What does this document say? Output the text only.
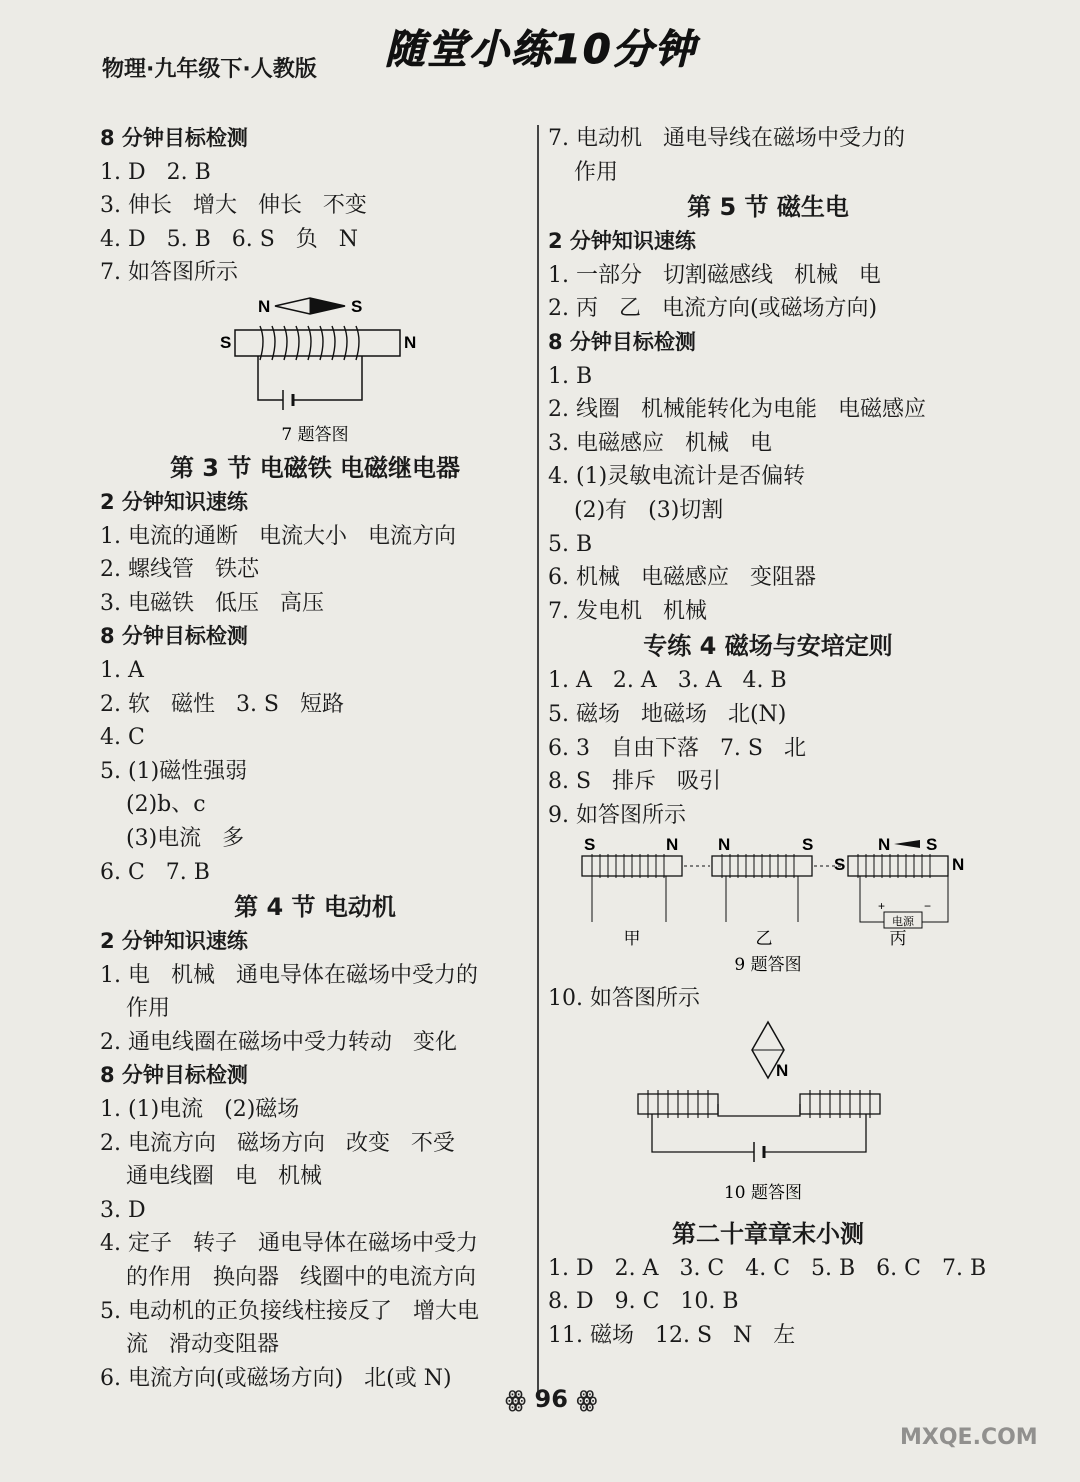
随堂小练10分钟
物理·九年级下·人教版
8 分钟目标检测
1. D   2. B
3. 伸长   增大   伸长   不变
4. D   5. B   6. S   负   N
7. 如答图所示
N	S
S	N
7 题答图
第 3 节 电磁铁 电磁继电器
2 分钟知识速练
1. 电流的通断   电流大小   电流方向
2. 螺线管   铁芯
3. 电磁铁   低压   高压
8 分钟目标检测
1. A
2. 软   磁性   3. S   短路
4. C
5. (1)磁性强弱
(2)b、c
(3)电流   多
6. C   7. B
第 4 节 电动机
2 分钟知识速练
1. 电   机械   通电导体在磁场中受力的
作用
2. 通电线圈在磁场中受力转动   变化
8 分钟目标检测
1. (1)电流   (2)磁场
2. 电流方向   磁场方向   改变   不受
通电线圈   电   机械
3. D
4. 定子   转子   通电导体在磁场中受力
的作用   换向器   线圈中的电流方向
5. 电动机的正负接线柱接反了   增大电
流   滑动变阻器
6. 电流方向(或磁场方向)   北(或 N)
7. 电动机   通电导线在磁场中受力的
作用
第 5 节 磁生电
2 分钟知识速练
1. 一部分   切割磁感线   机械   电
2. 丙   乙   电流方向(或磁场方向)
8 分钟目标检测
1. B
2. 线圈   机械能转化为电能   电磁感应
3. 电磁感应   机械   电
4. (1)灵敏电流计是否偏转
(2)有   (3)切割
5. B
6. 机械   电磁感应   变阻器
7. 发电机   机械
专练 4 磁场与安培定则
1. A   2. A   3. A   4. B
5. 磁场   地磁场   北(N)
6. 3   自由下落   7. S   北
8. S   排斥   吸引
9. 如答图所示
S	N
甲
N	S
乙
S
N S
N
电源
+	−
丙
9 题答图
10. 如答图所示
N
10 题答图
第二十章章末小测
1. D   2. A   3. C   4. C   5. B   6. C   7. B
8. D   9. C   10. B
11. 磁场   12. S   N   左
ꙮ 96 ꙮ
MXQE.COM
